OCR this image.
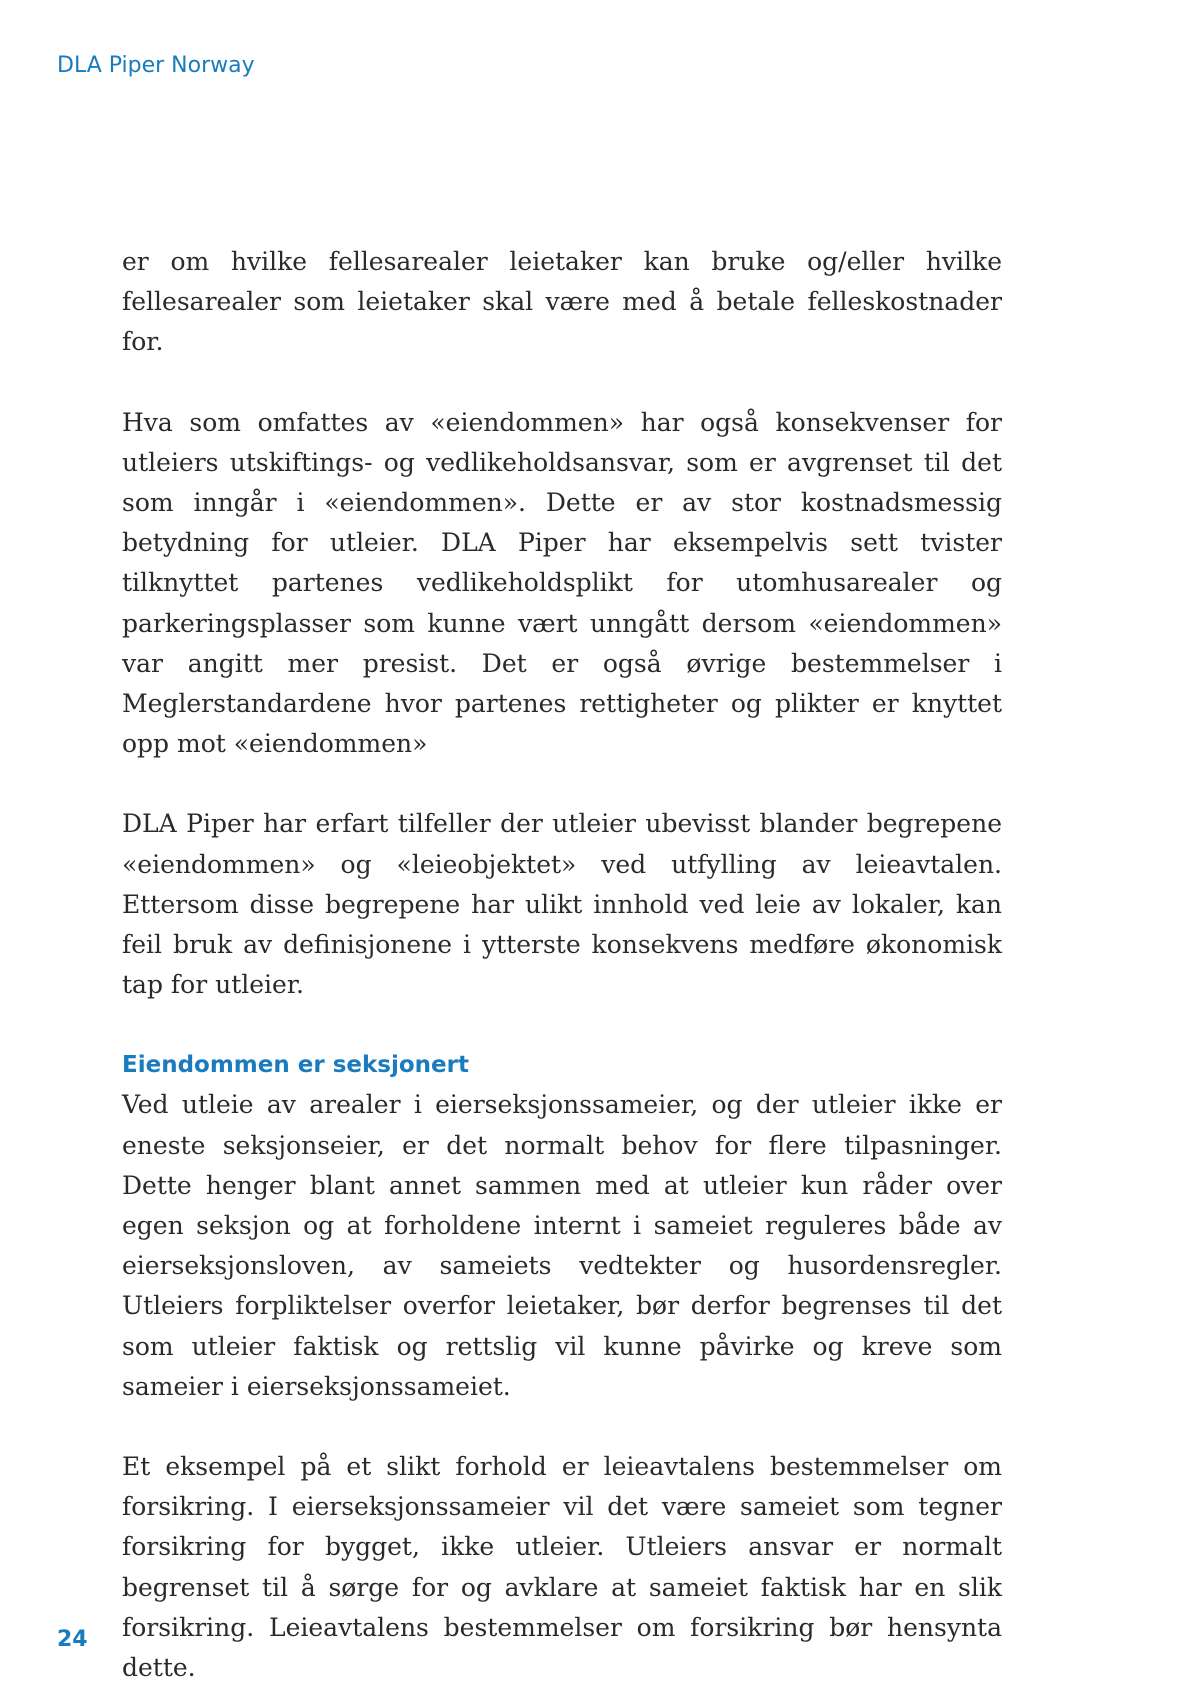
DLA Piper Norway

er om hvilke fellesarealer leietaker kan bruke og/eller hvilke fellesarealer som leietaker skal være med å betale felleskostnader for.

Hva som omfattes av «eiendommen» har også konsekvenser for utleiers utskiftings- og vedlikeholdsansvar, som er avgrenset til det som inngår i «eiendommen». Dette er av stor kostnadsmessig betydning for utleier. DLA Piper har eksempelvis sett tvister tilknyttet partenes vedlikeholdsplikt for utomhusarealer og parkeringsplasser som kunne vært unngått dersom «eiendommen» var angitt mer presist. Det er også øvrige bestemmelser i Meglerstandardene hvor partenes rettigheter og plikter er knyttet opp mot «eiendommen»

DLA Piper har erfart tilfeller der utleier ubevisst blander begrepene «eiendommen» og «leieobjektet» ved utfylling av leieavtalen. Ettersom disse begrepene har ulikt innhold ved leie av lokaler, kan feil bruk av definisjonene i ytterste konsekvens medføre økonomisk tap for utleier.

Eiendommen er seksjonert

Ved utleie av arealer i eierseksjonssameier, og der utleier ikke er eneste seksjonseier, er det normalt behov for flere tilpasninger. Dette henger blant annet sammen med at utleier kun råder over egen seksjon og at forholdene internt i sameiet reguleres både av eierseksjonsloven, av sameiets vedtekter og husordensregler. Utleiers forpliktelser overfor leietaker, bør derfor begrenses til det som utleier faktisk og rettslig vil kunne påvirke og kreve som sameier i eierseksjonssameiet.

Et eksempel på et slikt forhold er leieavtalens bestemmelser om forsikring. I eierseksjonssameier vil det være sameiet som tegner forsikring for bygget, ikke utleier. Utleiers ansvar er normalt begrenset til å sørge for og avklare at sameiet faktisk har en slik forsikring. Leieavtalens bestemmelser om forsikring bør hensynta dette.

24
